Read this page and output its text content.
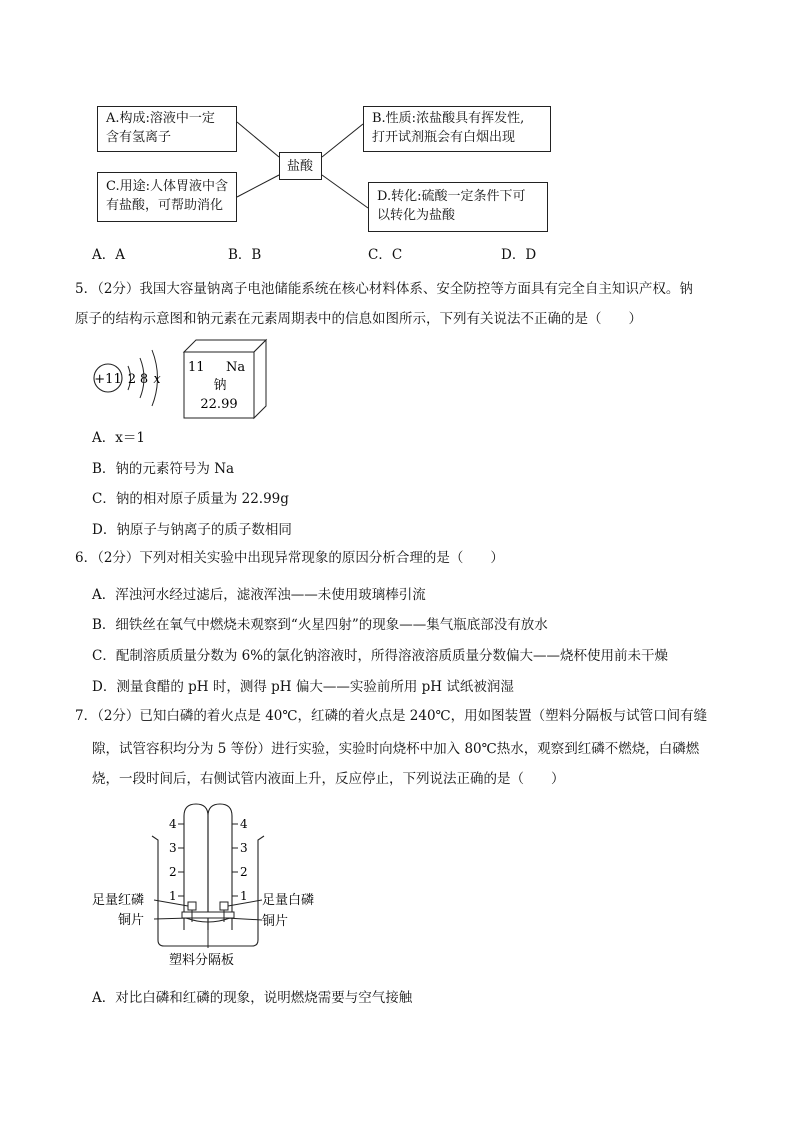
A.构成:溶液中一定
含有氢离子
B.性质:浓盐酸具有挥发性,
打开试剂瓶会有白烟出现
盐酸
C.用途:人体胃液中含
有盐酸，可帮助消化
D.转化:硫酸一定条件下可
以转化为盐酸
A．A	B．B	C．C	D．D
5．（2分）我国大容量钠离子电池储能系统在核心材料体系、安全防控等方面具有完全自主知识产权。钠
原子的结构示意图和钠元素在元素周期表中的信息如图所示，下列有关说法不正确的是（　　）
+11 2 8 x
11 Na
钠
22.99
A．x＝1
B．钠的元素符号为 Na
C．钠的相对原子质量为 22.99g
D．钠原子与钠离子的质子数相同
6．（2分）下列对相关实验中出现异常现象的原因分析合理的是（　　）
A．浑浊河水经过滤后，滤液浑浊——未使用玻璃棒引流
B．细铁丝在氧气中燃烧未观察到“火星四射”的现象——集气瓶底部没有放水
C．配制溶质质量分数为 6%的氯化钠溶液时，所得溶液溶质质量分数偏大——烧杯使用前未干燥
D．测量食醋的 pH 时，测得 pH 偏大——实验前所用 pH 试纸被润湿
7．（2分）已知白磷的着火点是 40℃，红磷的着火点是 240℃，用如图装置（塑料分隔板与试管口间有缝
隙，试管容积均分为 5 等份）进行实验，实验时向烧杯中加入 80℃热水，观察到红磷不燃烧，白磷燃
烧，一段时间后，右侧试管内液面上升，反应停止，下列说法正确的是（　　）
4
3
2
1
4
3
2
1
足量红磷
铜片
足量白磷
铜片
塑料分隔板
A．对比白磷和红磷的现象，说明燃烧需要与空气接触
